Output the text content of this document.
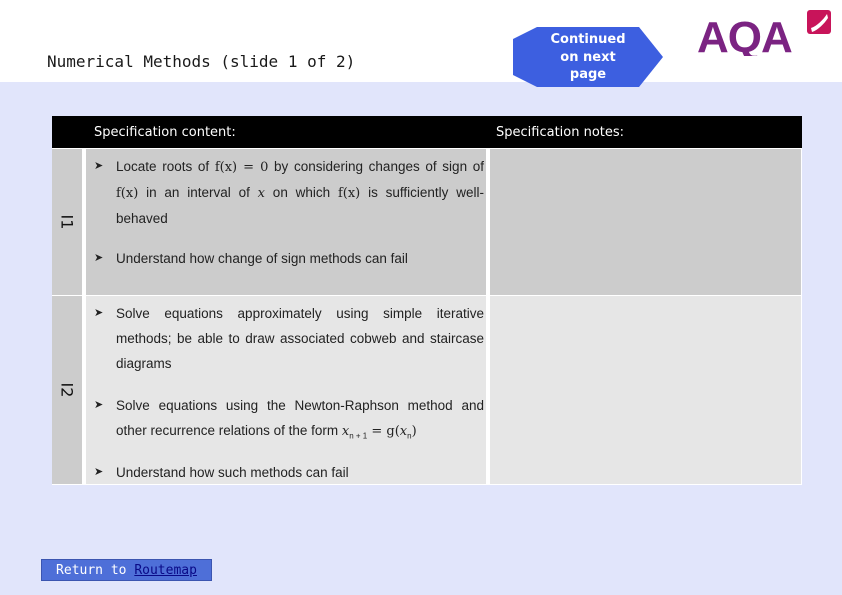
Numerical Methods (slide 1 of 2)
Continued
on next
page
AQA
Specification content:	Specification notes:
I1
➤ Locate roots of f(x) = 0 by considering changes of sign of f(x) in an interval of x on which f(x) is sufficiently well-behaved
➤ Understand how change of sign methods can fail
I2
➤ Solve equations approximately using simple iterative methods; be able to draw associated cobweb and staircase diagrams
➤ Solve equations using the Newton-Raphson method and other recurrence relations of the form $x_{n + 1} = g(x_n)$
➤ Understand how such methods can fail
Return to Routemap
